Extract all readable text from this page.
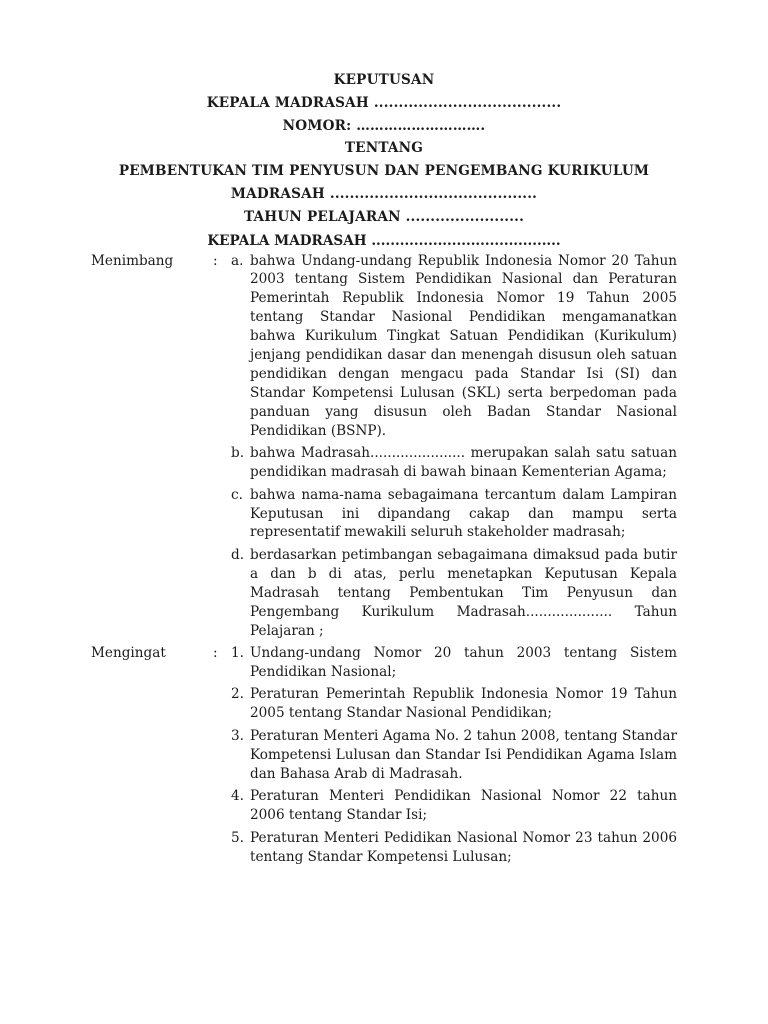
KEPUTUSAN
KEPALA MADRASAH ......................................
NOMOR: ……………………….
TENTANG
PEMBENTUKAN TIM PENYUSUN DAN PENGEMBANG KURIKULUM
MADRASAH ..........................................
TAHUN PELAJARAN ........................
KEPALA MADRASAH ........................................
Menimbang	: a. bahwa Undang-undang Republik Indonesia Nomor 20 Tahun 2003 tentang Sistem Pendidikan Nasional dan Peraturan Pemerintah Republik Indonesia Nomor 19 Tahun 2005 tentang Standar Nasional Pendidikan mengamanatkan bahwa Kurikulum Tingkat Satuan Pendidikan (Kurikulum) jenjang pendidikan dasar dan menengah disusun oleh satuan pendidikan dengan mengacu pada Standar Isi (SI) dan Standar Kompetensi Lulusan (SKL) serta berpedoman pada panduan yang disusun oleh Badan Standar Nasional Pendidikan (BSNP).
b. bahwa Madrasah...................... merupakan salah satu satuan pendidikan madrasah di bawah binaan Kementerian Agama;
c. bahwa nama-nama sebagaimana tercantum dalam Lampiran Keputusan ini dipandang cakap dan mampu serta representatif mewakili seluruh stakeholder madrasah;
d. berdasarkan petimbangan sebagaimana dimaksud pada butir a dan b di atas, perlu menetapkan Keputusan Kepala Madrasah tentang Pembentukan Tim Penyusun dan Pengembang Kurikulum Madrasah.................... Tahun Pelajaran ;
Mengingat	: 1. Undang-undang Nomor 20 tahun 2003 tentang Sistem Pendidikan Nasional;
2. Peraturan Pemerintah Republik Indonesia Nomor 19 Tahun 2005 tentang Standar Nasional Pendidikan;
3. Peraturan Menteri Agama No. 2 tahun 2008, tentang Standar Kompetensi Lulusan dan Standar Isi Pendidikan Agama Islam dan Bahasa Arab di Madrasah.
4. Peraturan Menteri Pendidikan Nasional Nomor 22 tahun 2006 tentang Standar Isi;
5. Peraturan Menteri Pedidikan Nasional Nomor 23 tahun 2006 tentang Standar Kompetensi Lulusan;
